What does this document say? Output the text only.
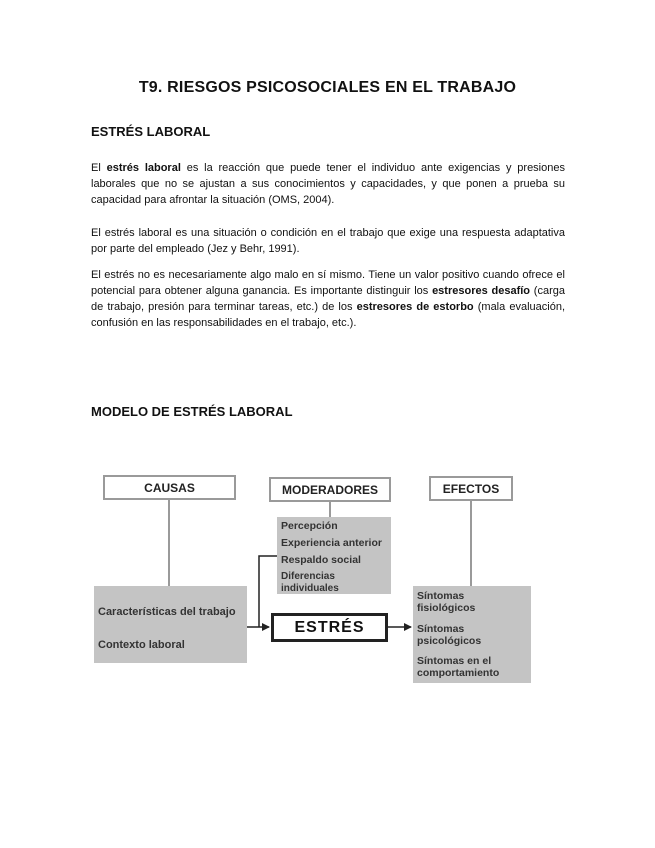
T9. RIESGOS PSICOSOCIALES EN EL TRABAJO
ESTRÉS LABORAL
El estrés laboral es la reacción que puede tener el individuo ante exigencias y presiones laborales que no se ajustan a sus conocimientos y capacidades, y que ponen a prueba su capacidad para afrontar la situación (OMS, 2004).
El estrés laboral es una situación o condición en el trabajo que exige una respuesta adaptativa por parte del empleado (Jez y Behr, 1991).
El estrés no es necesariamente algo malo en sí mismo. Tiene un valor positivo cuando ofrece el potencial para obtener alguna ganancia. Es importante distinguir los estresores desafío (carga de trabajo, presión para terminar tareas, etc.) de los estresores de estorbo (mala evaluación, confusión en las responsabilidades en el trabajo, etc.).
MODELO DE ESTRÉS LABORAL
CAUSAS	MODERADORES	EFECTOS
Percepción
Experiencia anterior
Respaldo social
Diferencias individuales
Características del trabajo
Contexto laboral
ESTRÉS
Síntomas fisiológicos
Síntomas psicológicos
Síntomas en el comportamiento
